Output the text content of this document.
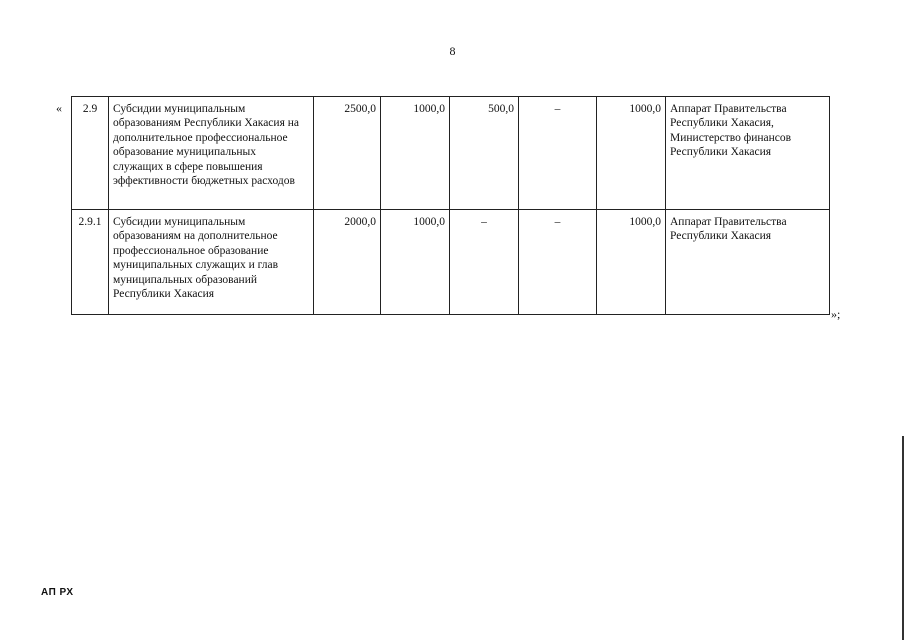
8
« 2.9	Субсидии муниципальным образованиям Республики Хакасия на дополнительное профессиональное образование муниципальных служащих в сфере повышения эффективности бюджетных расходов	2500,0	1000,0	500,0	–	1000,0	Аппарат Правительства Республики Хакасия, Министерство финансов Республики Хакасия
2.9.1	Субсидии муниципальным образованиям на дополнительное профессиональное образование муниципальных служащих и глав муниципальных образований Республики Хакасия	2000,0	1000,0	–	–	1000,0	Аппарат Правительства Республики Хакасия
»;
АП РХ
